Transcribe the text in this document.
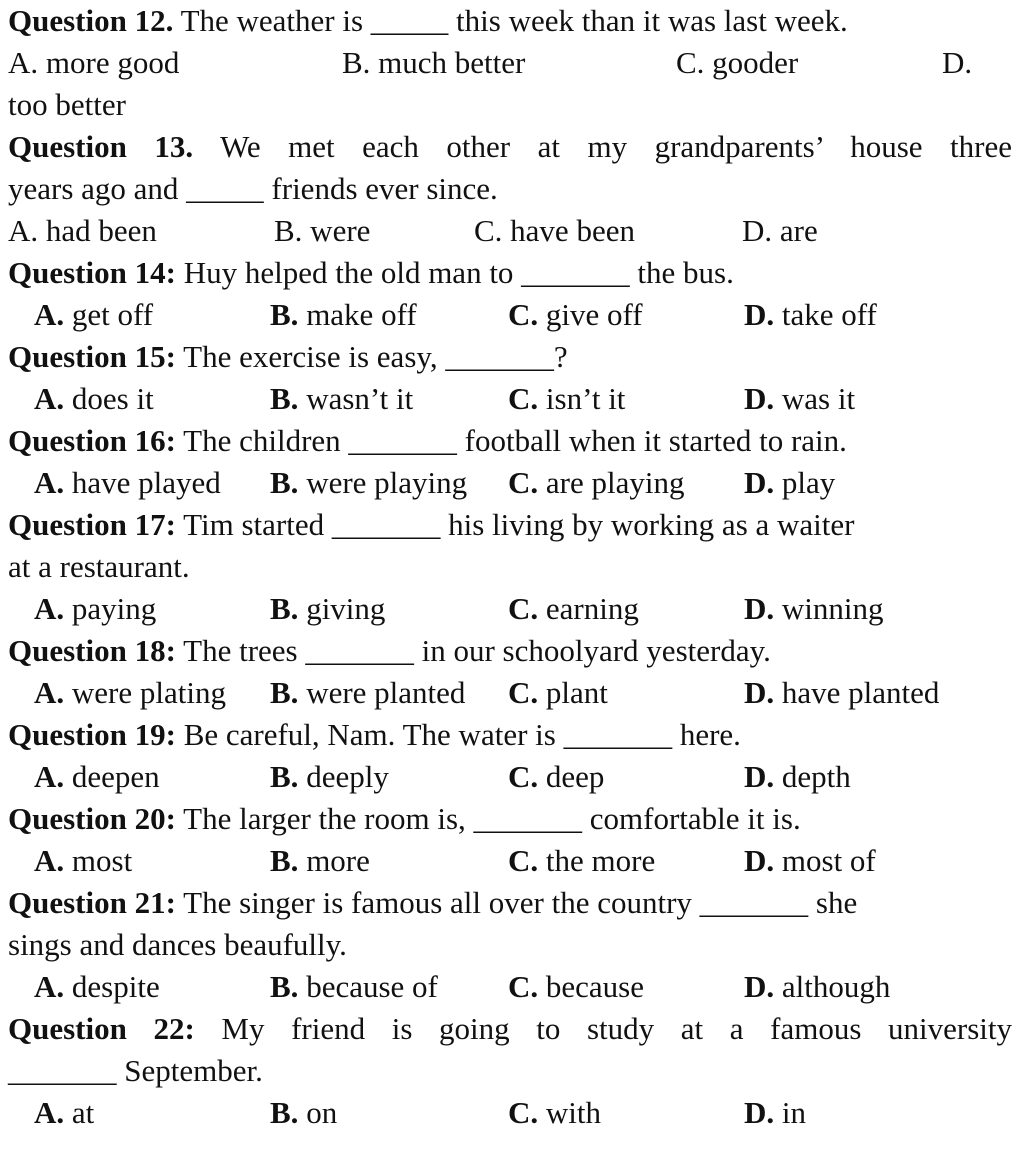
Question 12. The weather is _____ this week than it was last week.
A. more good	B. much better	C. gooder	D.
too better
Question 13. We met each other at my grandparents’ house three
years ago and _____ friends ever since.
A. had been	B. were	C. have been	D. are
Question 14: Huy helped the old man to _______ the bus.
A. get off	B. make off	C. give off	D. take off
Question 15: The exercise is easy, _______?
A. does it	B. wasn’t it	C. isn’t it	D. was it
Question 16: The children _______ football when it started to rain.
A. have played B. were playing C. are playing D. play
Question 17: Tim started _______ his living by working as a waiter
at a restaurant.
A. paying	B. giving	C. earning	D. winning
Question 18: The trees _______ in our schoolyard yesterday.
A. were plating B. were planted C. plant	D. have planted
Question 19: Be careful, Nam. The water is _______ here.
A. deepen	B. deeply	C. deep	D. depth
Question 20: The larger the room is, _______ comfortable it is.
A. most	B. more	C. the more	D. most of
Question 21: The singer is famous all over the country _______ she
sings and dances beaufully.
A. despite	B. because of C. because	D. although
Question 22: My friend is going to study at a famous university
_______ September.
A. at	B. on	C. with	D. in
